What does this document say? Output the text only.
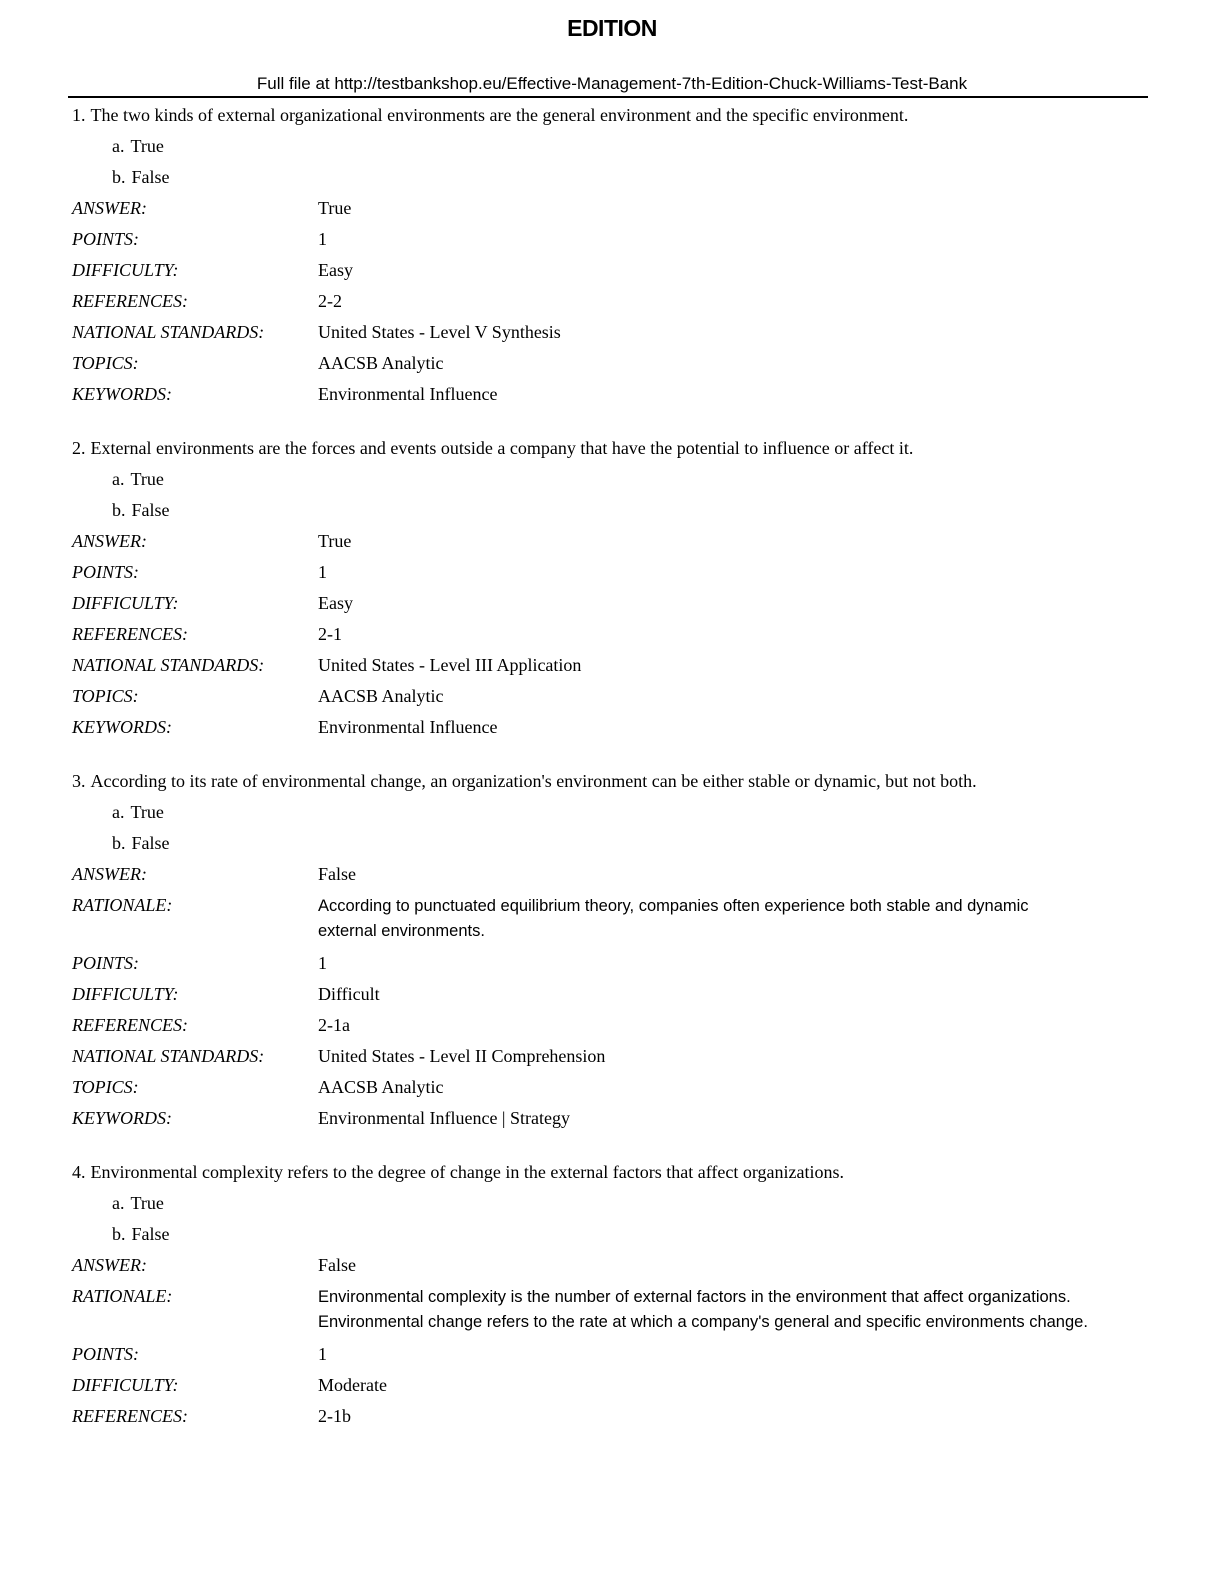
EDITION
Full file at http://testbankshop.eu/Effective-Management-7th-Edition-Chuck-Williams-Test-Bank

1. The two kinds of external organizational environments are the general environment and the specific environment.

a. True
b. False
ANSWER:	True
POINTS:	1
DIFFICULTY:	Easy
REFERENCES:	2-2
NATIONAL STANDARDS:	United States - Level V Synthesis
TOPICS:	AACSB Analytic
KEYWORDS:	Environmental Influence

2. External environments are the forces and events outside a company that have the potential to influence or affect it.

a. True
b. False
ANSWER:	True
POINTS:	1
DIFFICULTY:	Easy
REFERENCES:	2-1
NATIONAL STANDARDS:	United States - Level III Application
TOPICS:	AACSB Analytic
KEYWORDS:	Environmental Influence

3. According to its rate of environmental change, an organization's environment can be either stable or dynamic, but not both.

a. True
b. False
ANSWER:	False
RATIONALE:	According to punctuated equilibrium theory, companies often experience both stable and dynamic external environments.
POINTS:	1
DIFFICULTY:	Difficult
REFERENCES:	2-1a
NATIONAL STANDARDS:	United States - Level II Comprehension
TOPICS:	AACSB Analytic
KEYWORDS:	Environmental Influence | Strategy

4. Environmental complexity refers to the degree of change in the external factors that affect organizations.

a. True
b. False
ANSWER:	False
RATIONALE:	Environmental complexity is the number of external factors in the environment that affect organizations. Environmental change refers to the rate at which a company's general and specific environments change.
POINTS:	1
DIFFICULTY:	Moderate
REFERENCES:	2-1b
